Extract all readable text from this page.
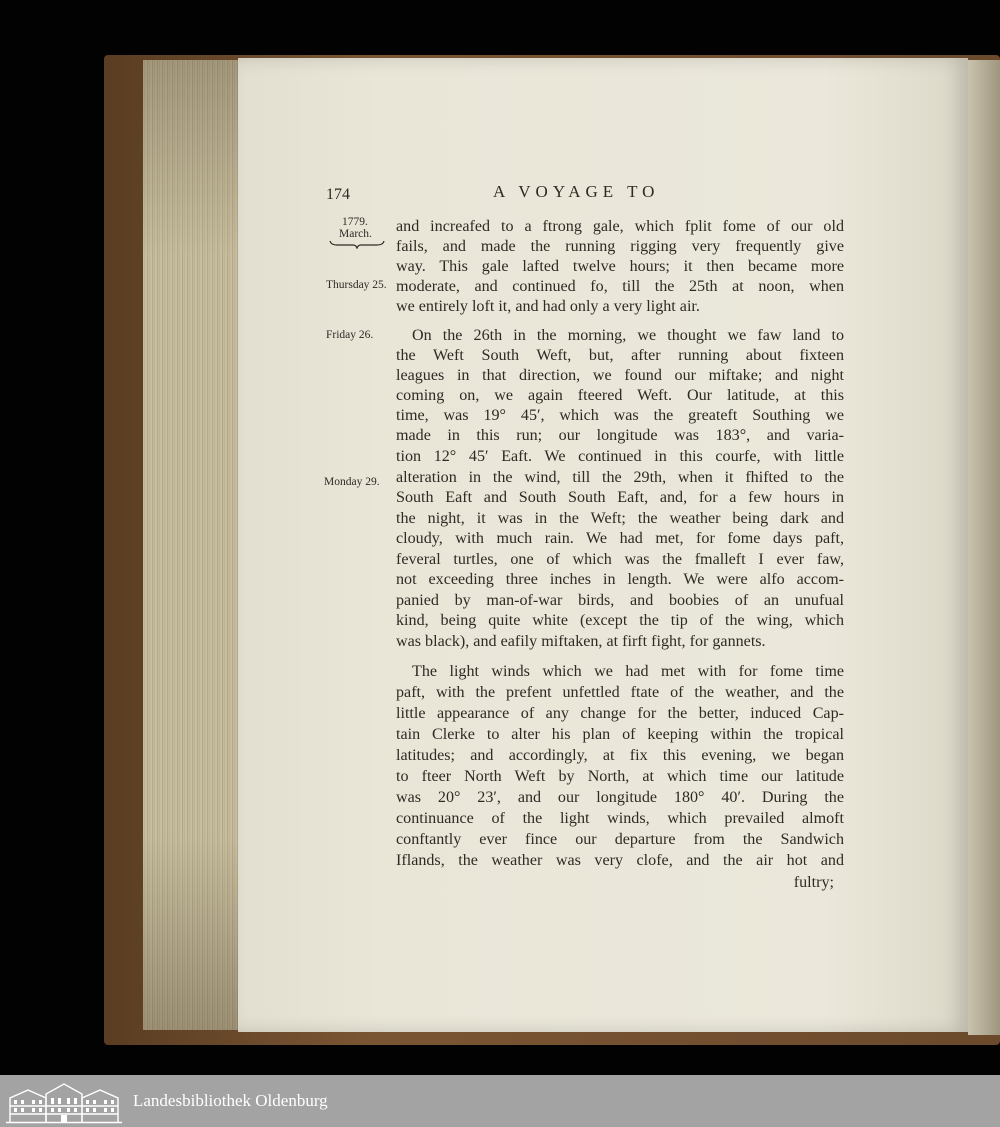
174	A VOYAGE TO
1779.
March.
Thursday 25.
Friday 26.
Monday 29.
and increafed to a ftrong gale, which fplit fome of our old
fails, and made the running rigging very frequently give
way. This gale lafted twelve hours; it then became more
moderate, and continued fo, till the 25th at noon, when
we entirely loft it, and had only a very light air.
On the 26th in the morning, we thought we faw land to
the Weft South Weft, but, after running about fixteen
leagues in that direction, we found our miftake; and night
coming on, we again fteered Weft. Our latitude, at this
time, was 19° 45′, which was the greateft Southing we
made in this run; our longitude was 183°, and varia-
tion 12° 45′ Eaft. We continued in this courfe, with little
alteration in the wind, till the 29th, when it fhifted to the
South Eaft and South South Eaft, and, for a few hours in
the night, it was in the Weft; the weather being dark and
cloudy, with much rain. We had met, for fome days paft,
feveral turtles, one of which was the fmalleft I ever faw,
not exceeding three inches in length. We were alfo accom-
panied by man-of-war birds, and boobies of an unufual
kind, being quite white (except the tip of the wing, which
was black), and eafily miftaken, at firft fight, for gannets.
The light winds which we had met with for fome time
paft, with the prefent unfettled ftate of the weather, and the
little appearance of any change for the better, induced Cap-
tain Clerke to alter his plan of keeping within the tropical
latitudes; and accordingly, at fix this evening, we began
to fteer North Weft by North, at which time our latitude
was 20° 23′, and our longitude 180° 40′. During the
continuance of the light winds, which prevailed almoft
conftantly ever fince our departure from the Sandwich
Iflands, the weather was very clofe, and the air hot and
fultry;
Landesbibliothek Oldenburg
